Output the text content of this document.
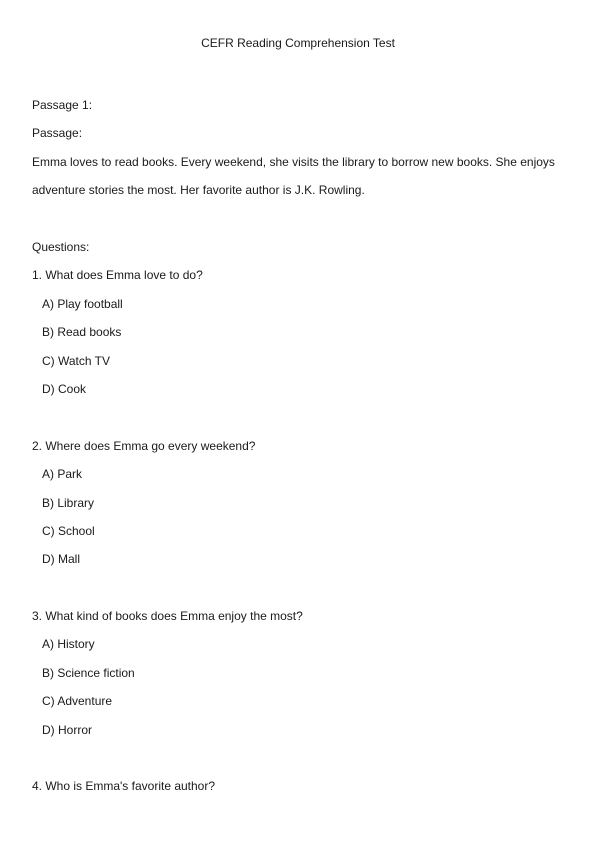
CEFR Reading Comprehension Test
Passage 1:
Passage:
Emma loves to read books. Every weekend, she visits the library to borrow new books. She enjoys adventure stories the most. Her favorite author is J.K. Rowling.
Questions:
1. What does Emma love to do?
A) Play football
B) Read books
C) Watch TV
D) Cook
2. Where does Emma go every weekend?
A) Park
B) Library
C) School
D) Mall
3. What kind of books does Emma enjoy the most?
A) History
B) Science fiction
C) Adventure
D) Horror
4. Who is Emma's favorite author?
